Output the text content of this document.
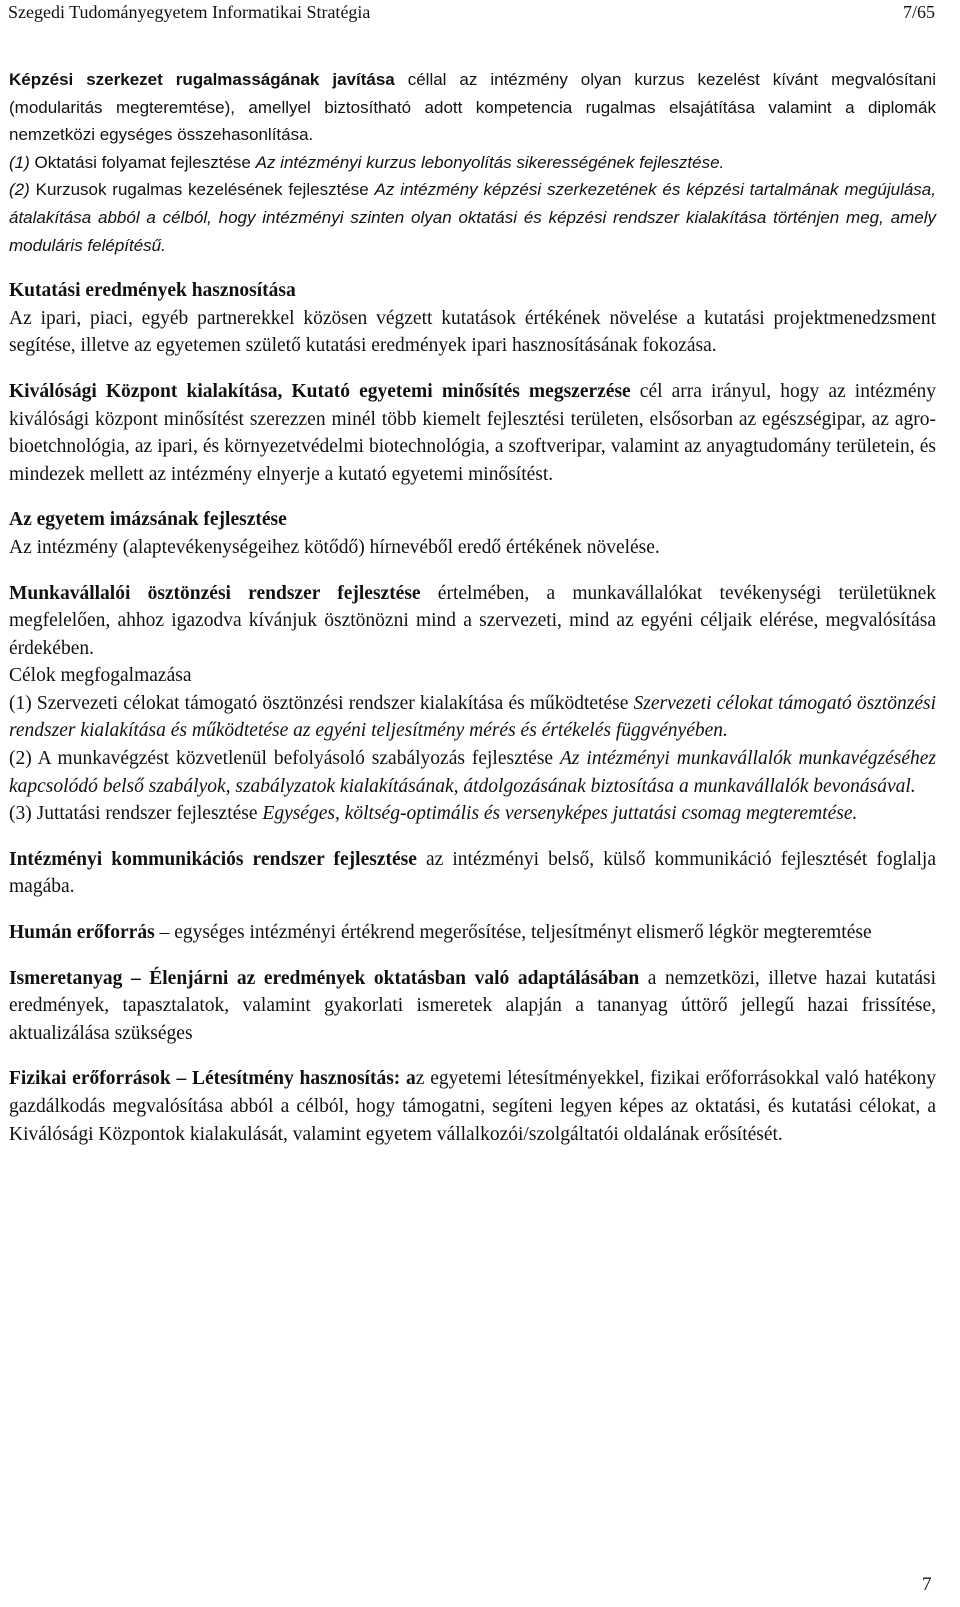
Szegedi Tudományegyetem Informatikai Stratégia	7/65

Képzési szerkezet rugalmasságának javítása céllal az intézmény olyan kurzus kezelést kívánt megvalósítani (modularitás megteremtése), amellyel biztosítható adott kompetencia rugalmas elsajátítása valamint a diplomák nemzetközi egységes összehasonlítása.

(1) Oktatási folyamat fejlesztése Az intézményi kurzus lebonyolítás sikerességének fejlesztése.

(2) Kurzusok rugalmas kezelésének fejlesztése Az intézmény képzési szerkezetének és képzési tartalmának megújulása, átalakítása abból a célból, hogy intézményi szinten olyan oktatási és képzési rendszer kialakítása történjen meg, amely moduláris felépítésű.

Kutatási eredmények hasznosítása

Az ipari, piaci, egyéb partnerekkel közösen végzett kutatások értékének növelése a kutatási projektmenedzsment segítése, illetve az egyetemen születő kutatási eredmények ipari hasznosításának fokozása.

Kiválósági Központ kialakítása, Kutató egyetemi minősítés megszerzése cél arra irányul, hogy az intézmény kiválósági központ minősítést szerezzen minél több kiemelt fejlesztési területen, elsősorban az egészségipar, az agro-bioetchnológia, az ipari, és környezetvédelmi biotechnológia, a szoftveripar, valamint az anyagtudomány területein, és mindezek mellett az intézmény elnyerje a kutató egyetemi minősítést.

Az egyetem imázsának fejlesztése

Az intézmény (alaptevékenységeihez kötődő) hírnevéből eredő értékének növelése.

Munkavállalói ösztönzési rendszer fejlesztése értelmében, a munkavállalókat tevékenységi területüknek megfelelően, ahhoz igazodva kívánjuk ösztönözni mind a szervezeti, mind az egyéni céljaik elérése, megvalósítása érdekében.

Célok megfogalmazása

(1) Szervezeti célokat támogató ösztönzési rendszer kialakítása és működtetése Szervezeti célokat támogató ösztönzési rendszer kialakítása és működtetése az egyéni teljesítmény mérés és értékelés függvényében.

(2) A munkavégzést közvetlenül befolyásoló szabályozás fejlesztése Az intézményi munkavállalók munkavégzéséhez kapcsolódó belső szabályok, szabályzatok kialakításának, átdolgozásának biztosítása a munkavállalók bevonásával.

(3) Juttatási rendszer fejlesztése Egységes, költség-optimális és versenyképes juttatási csomag megteremtése.

Intézményi kommunikációs rendszer fejlesztése az intézményi belső, külső kommunikáció fejlesztését foglalja magába.

Humán erőforrás – egységes intézményi értékrend megerősítése, teljesítményt elismerő légkör megteremtése

Ismeretanyag – Élenjárni az eredmények oktatásban való adaptálásában a nemzetközi, illetve hazai kutatási eredmények, tapasztalatok, valamint gyakorlati ismeretek alapján a tananyag úttörő jellegű hazai frissítése, aktualizálása szükséges

Fizikai erőforrások – Létesítmény hasznosítás: az egyetemi létesítményekkel, fizikai erőforrásokkal való hatékony gazdálkodás megvalósítása abból a célból, hogy támogatni, segíteni legyen képes az oktatási, és kutatási célokat, a Kiválósági Központok kialakulását, valamint egyetem vállalkozói/szolgáltatói oldalának erősítését.

7
